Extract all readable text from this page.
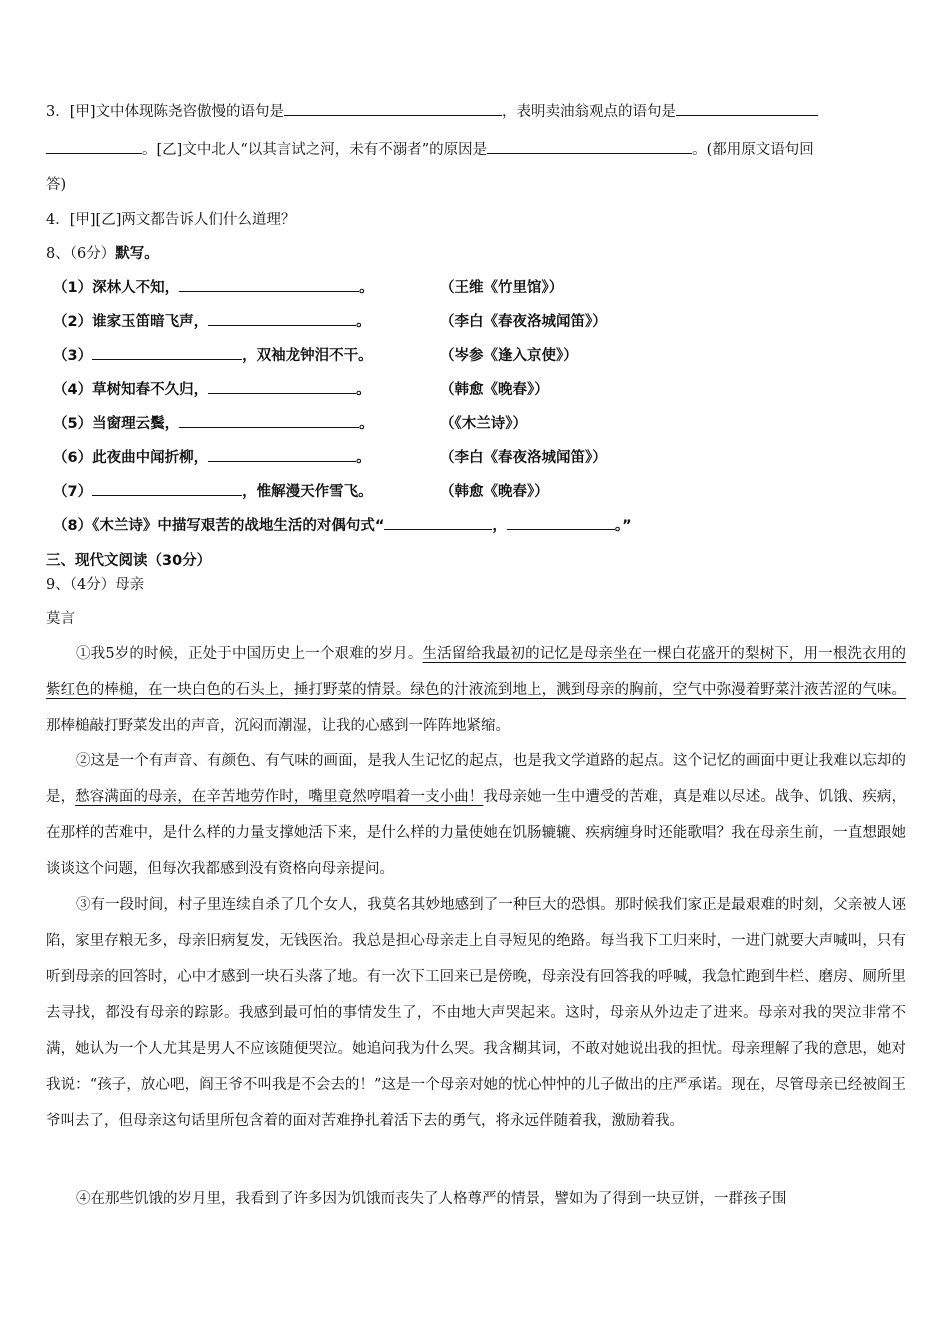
3．[甲]文中体现陈尧咨傲慢的语句是	，表明卖油翁观点的语句是
。[乙]文中北人“以其言试之河，未有不溺者”的原因是	。(都用原文语句回
答)
4．[甲][乙]两文都告诉人们什么道理？
8、（6分）默写。
（1）深林人不知，	。	（王维《竹里馆》）
（2）谁家玉笛暗飞声，	。	（李白《春夜洛城闻笛》）
（3）	，双袖龙钟泪不干。	（岑参《逢入京使》）
（4）草树知春不久归，	。	（韩愈《晚春》）
（5）当窗理云鬓，	。	（《木兰诗》）
（6）此夜曲中闻折柳，	。	（李白《春夜洛城闻笛》）
（7）	，惟解漫天作雪飞。	（韩愈《晚春》）
（8）《木兰诗》中描写艰苦的战地生活的对偶句式“	，	。”
三、现代文阅读（30分）
9、（4分）母亲
莫言
①我5岁的时候，正处于中国历史上一个艰难的岁月。生活留给我最初的记忆是母亲坐在一棵白花盛开的梨树下，用一根洗衣用的紫红色的棒槌，在一块白色的石头上，捶打野菜的情景。绿色的汁液流到地上，溅到母亲的胸前，空气中弥漫着野菜汁液苦涩的气味。那棒槌敲打野菜发出的声音，沉闷而潮湿，让我的心感到一阵阵地紧缩。
②这是一个有声音、有颜色、有气味的画面，是我人生记忆的起点，也是我文学道路的起点。这个记忆的画面中更让我难以忘却的是，愁容满面的母亲，在辛苦地劳作时，嘴里竟然哼唱着一支小曲！我母亲她一生中遭受的苦难，真是难以尽述。战争、饥饿、疾病，在那样的苦难中，是什么样的力量支撑她活下来，是什么样的力量使她在饥肠辘辘、疾病缠身时还能歌唱？我在母亲生前，一直想跟她谈谈这个问题，但每次我都感到没有资格向母亲提问。
③有一段时间，村子里连续自杀了几个女人，我莫名其妙地感到了一种巨大的恐惧。那时候我们家正是最艰难的时刻，父亲被人诬陷，家里存粮无多，母亲旧病复发，无钱医治。我总是担心母亲走上自寻短见的绝路。每当我下工归来时，一进门就要大声喊叫，只有听到母亲的回答时，心中才感到一块石头落了地。有一次下工回来已是傍晚，母亲没有回答我的呼喊，我急忙跑到牛栏、磨房、厕所里去寻找，都没有母亲的踪影。我感到最可怕的事情发生了，不由地大声哭起来。这时，母亲从外边走了进来。母亲对我的哭泣非常不满，她认为一个人尤其是男人不应该随便哭泣。她追问我为什么哭。我含糊其词，不敢对她说出我的担忧。母亲理解了我的意思，她对我说：“孩子，放心吧，阎王爷不叫我是不会去的！”这是一个母亲对她的忧心忡忡的儿子做出的庄严承诺。现在，尽管母亲已经被阎王爷叫去了，但母亲这句话里所包含着的面对苦难挣扎着活下去的勇气，将永远伴随着我，激励着我。
④在那些饥饿的岁月里，我看到了许多因为饥饿而丧失了人格尊严的情景，譬如为了得到一块豆饼，一群孩子围
